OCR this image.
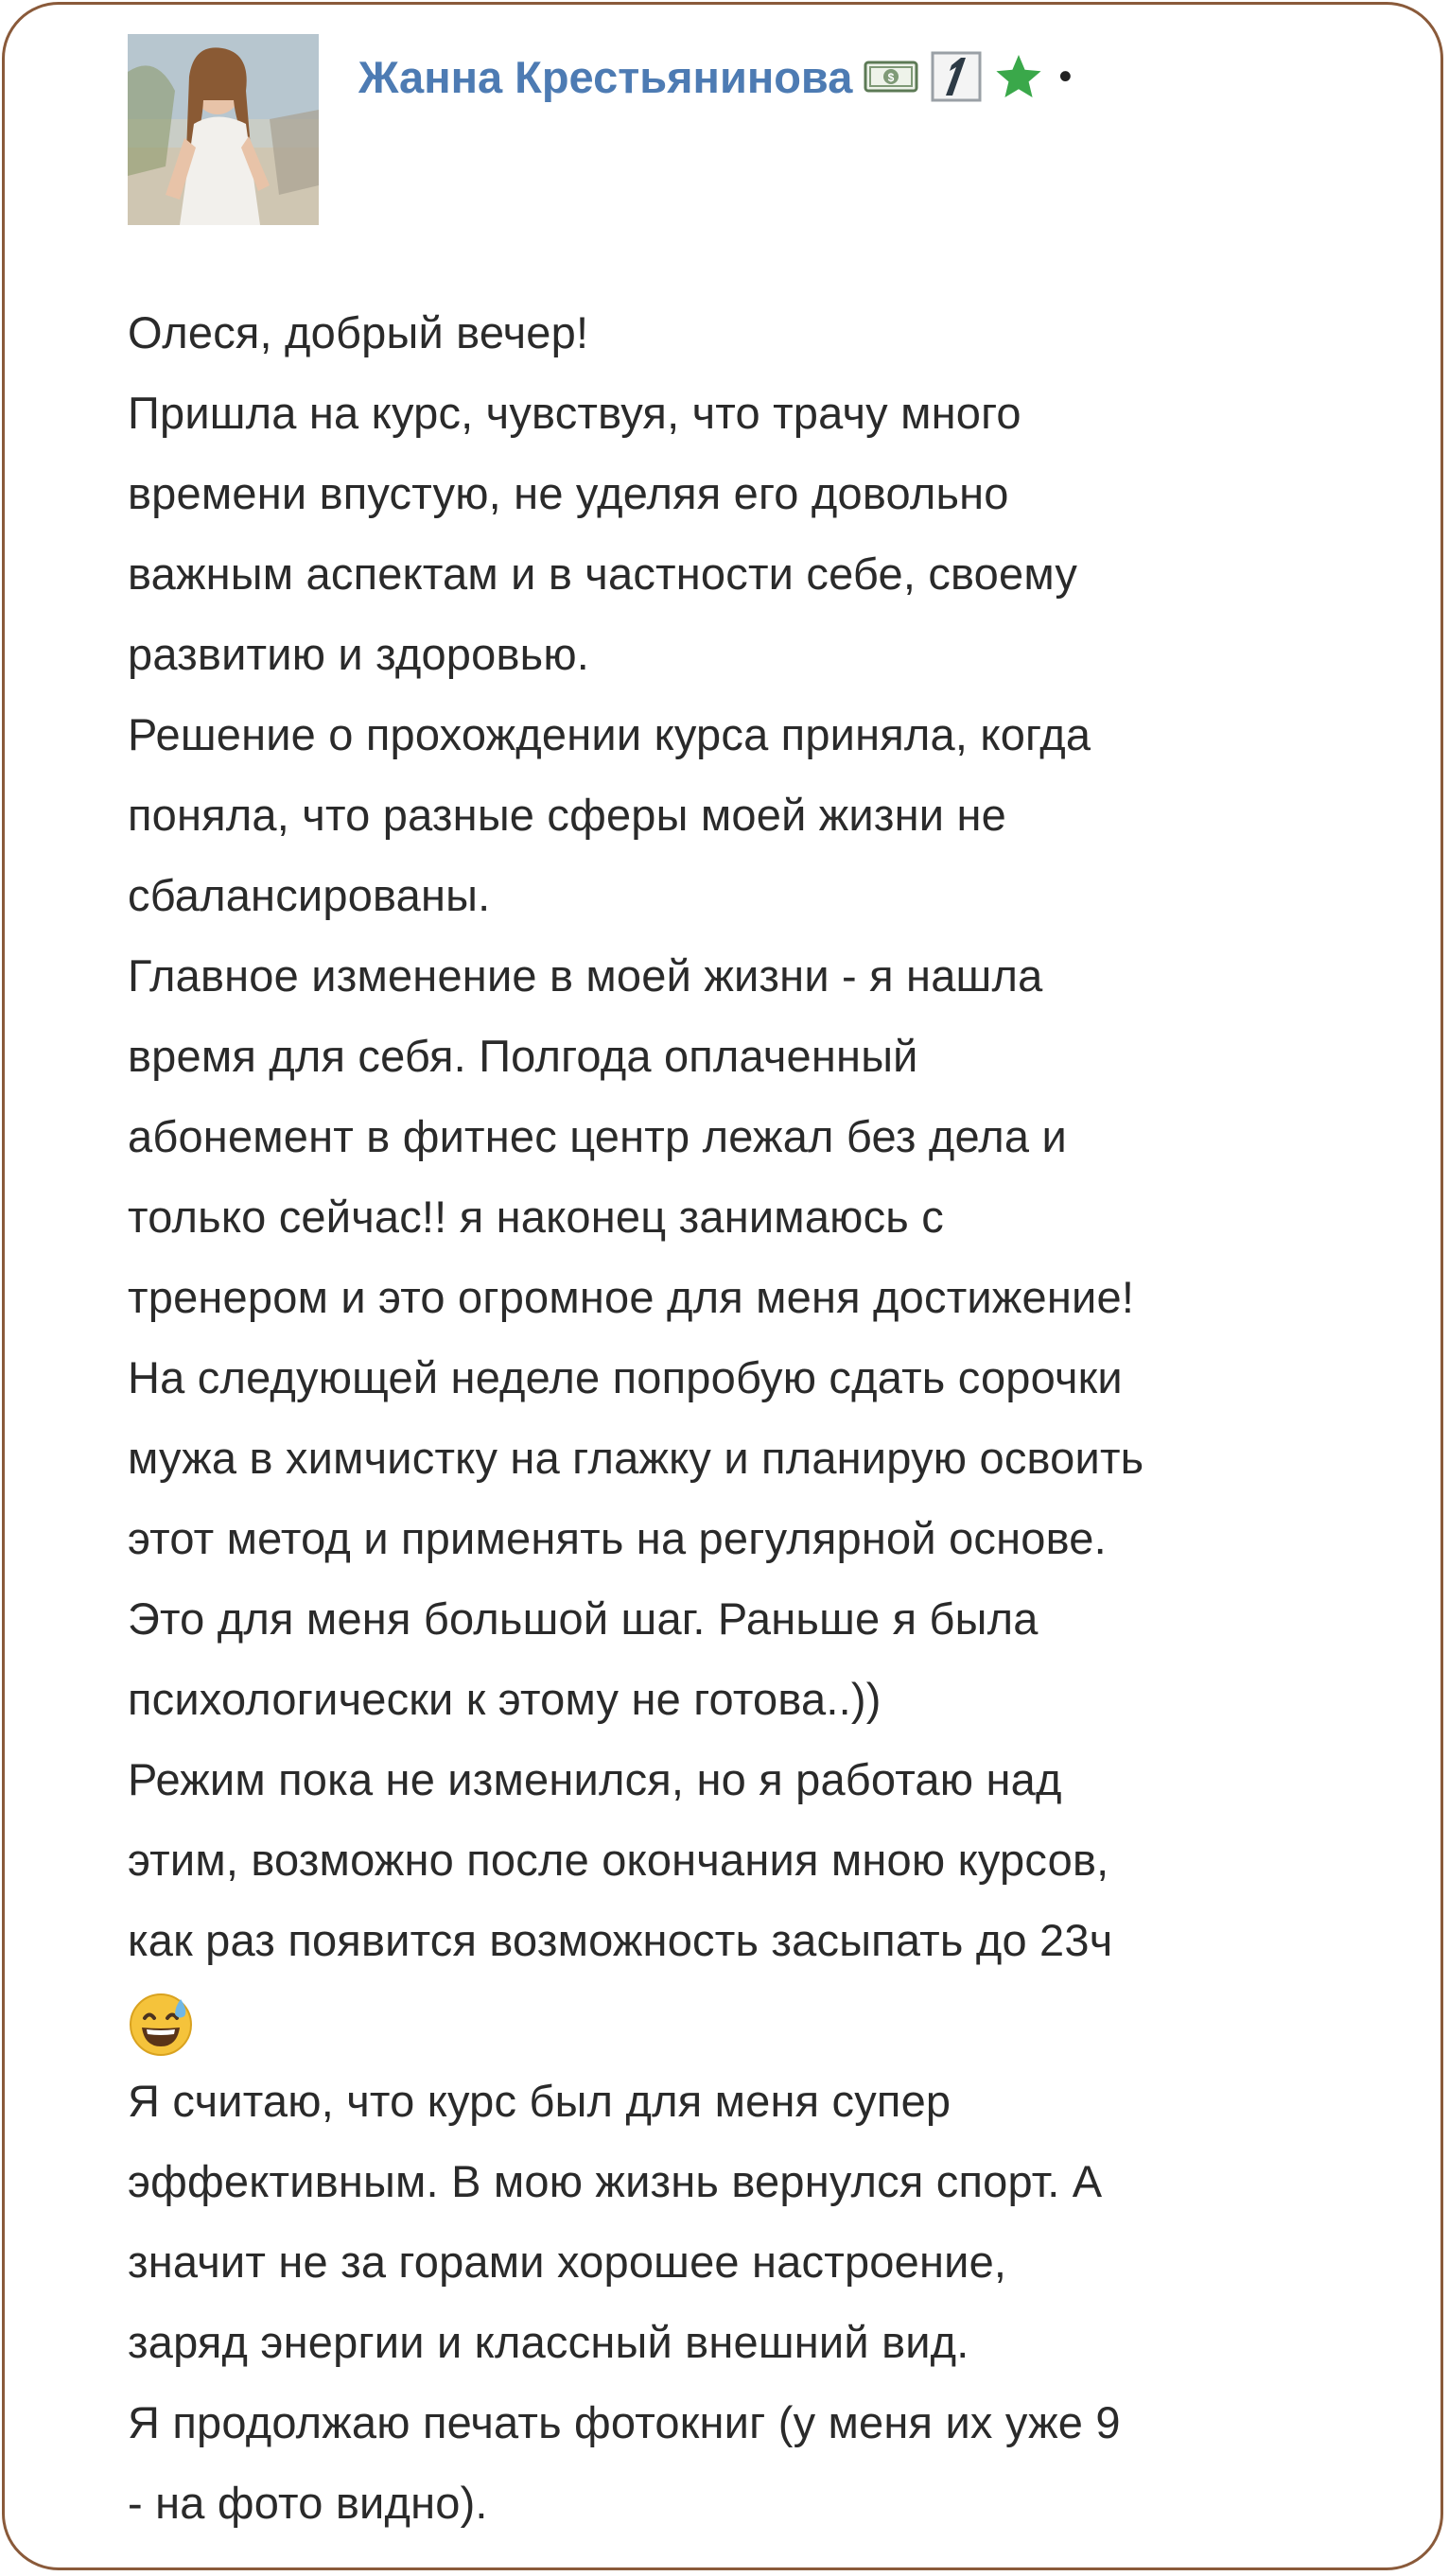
Жанна Крестьянинова	$	•
Олеся, добрый вечер!
Пришла на курс, чувствуя, что трачу много
времени впустую, не уделяя его довольно
важным аспектам и в частности себе, своему
развитию и здоровью.
Решение о прохождении курса приняла, когда
поняла, что разные сферы моей жизни не
сбалансированы.
Главное изменение в моей жизни - я нашла
время для себя. Полгода оплаченный
абонемент в фитнес центр лежал без дела и
только сейчас!! я наконец занимаюсь с
тренером и это огромное для меня достижение!
На следующей неделе попробую сдать сорочки
мужа в химчистку на глажку и планирую освоить
этот метод и применять на регулярной основе.
Это для меня большой шаг. Раньше я была
психологически к этому не готова..))
Режим пока не изменился, но я работаю над
этим, возможно после окончания мною курсов,
как раз появится возможность засыпать до 23ч
Я считаю, что курс был для меня супер
эффективным. В мою жизнь вернулся спорт. А
значит не за горами хорошее настроение,
заряд энергии и классный внешний вид.
Я продолжаю печать фотокниг (у меня их уже 9
- на фото видно).
